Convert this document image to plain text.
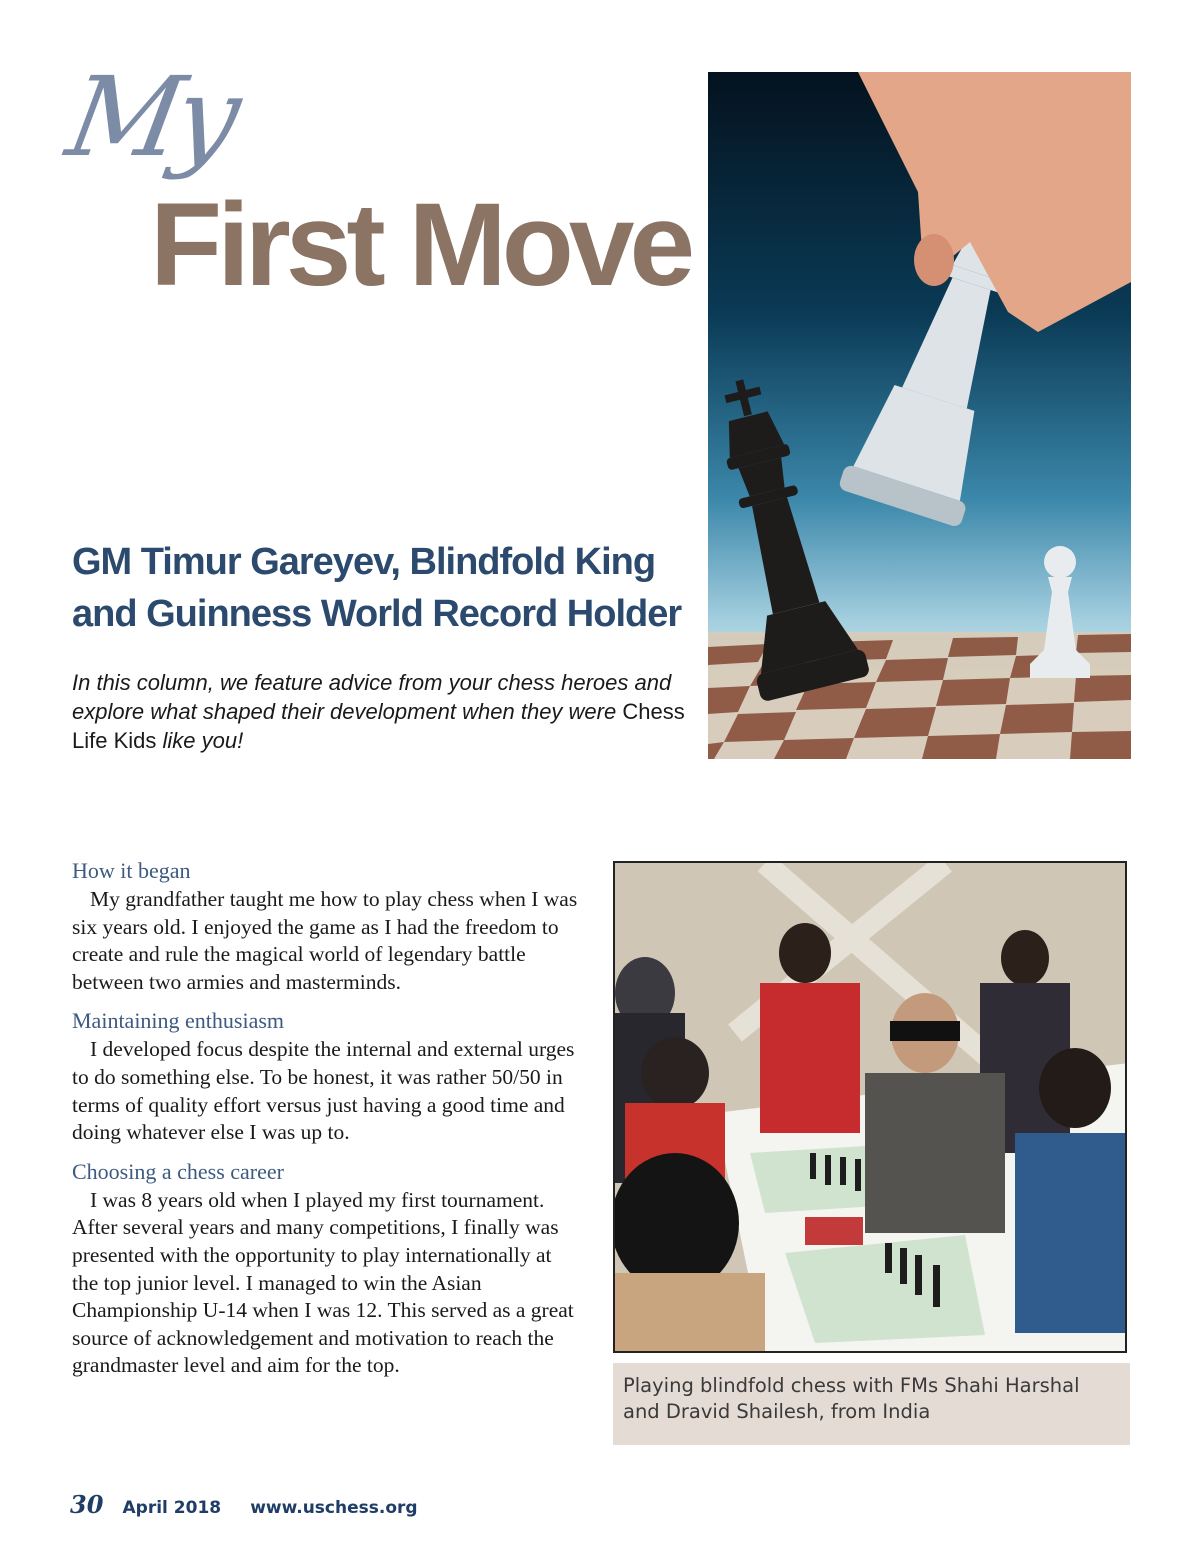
My
First Move
GM Timur Gareyev, Blindfold King
and Guinness World Record Holder
In this column, we feature advice from your chess heroes and explore what shaped their development when they were Chess Life Kids like you!
How it began

My grandfather taught me how to play chess when I was six years old. I enjoyed the game as I had the freedom to create and rule the magical world of legendary battle between two armies and masterminds.

Maintaining enthusiasm

I developed focus despite the internal and external urges to do something else. To be honest, it was rather 50/50 in terms of quality effort versus just having a good time and doing whatever else I was up to.

Choosing a chess career

I was 8 years old when I played my first tournament. After several years and many competitions, I finally was presented with the opportunity to play internationally at the top junior level. I managed to win the Asian Championship U-14 when I was 12. This served as a great source of acknowledgement and motivation to reach the grandmaster level and aim for the top.

Playing blindfold chess with FMs Shahi Harshal and Dravid Shailesh, from India
30 April 2018 www.uschess.org
